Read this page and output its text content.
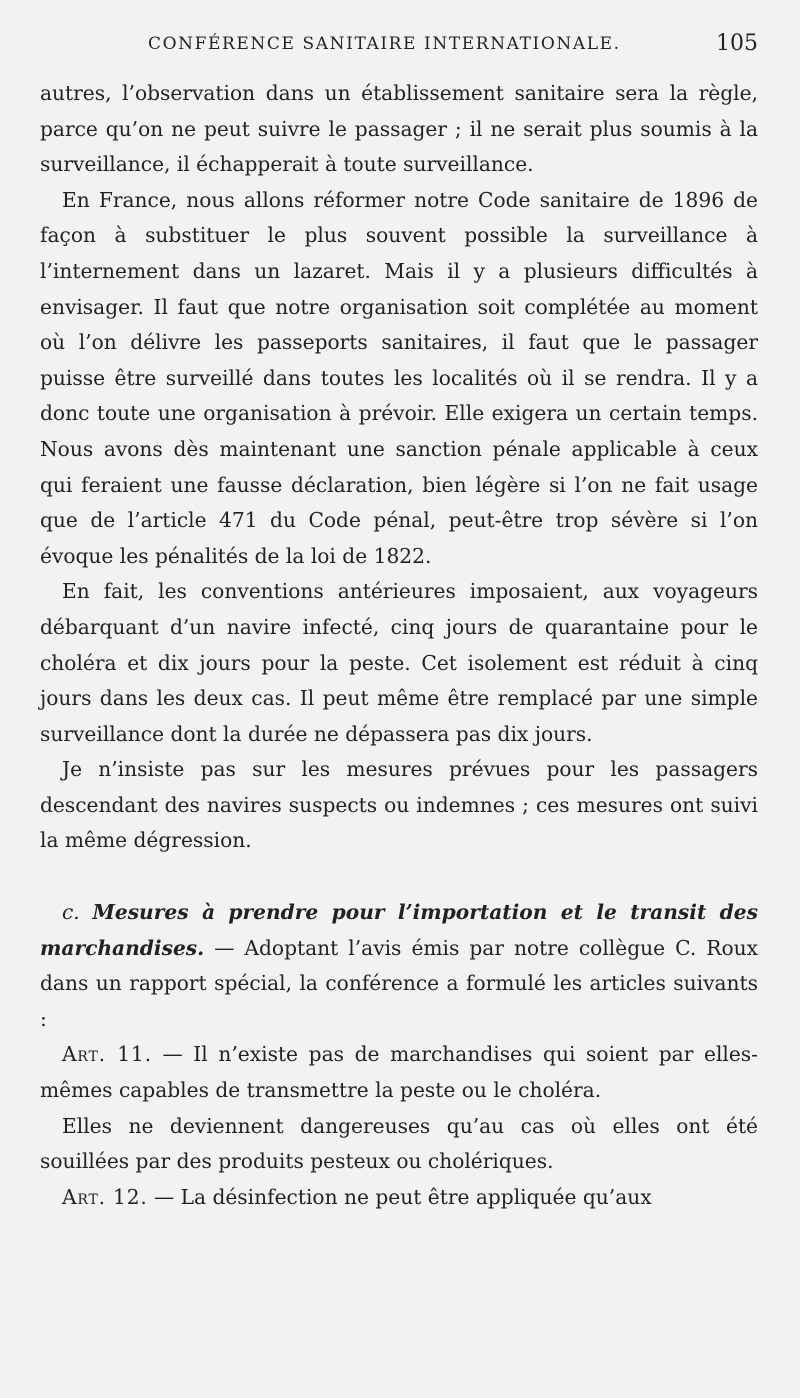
CONFÉRENCE SANITAIRE INTERNATIONALE.	105

autres, l’observation dans un établissement sanitaire sera la règle, parce qu’on ne peut suivre le passager ; il ne serait plus soumis à la surveillance, il échapperait à toute surveillance.

En France, nous allons réformer notre Code sanitaire de 1896 de façon à substituer le plus souvent possible la surveillance à l’internement dans un lazaret. Mais il y a plusieurs difficultés à envisager. Il faut que notre organisation soit complétée au moment où l’on délivre les passeports sanitaires, il faut que le passager puisse être surveillé dans toutes les localités où il se rendra. Il y a donc toute une organisation à prévoir. Elle exigera un certain temps. Nous avons dès maintenant une sanction pénale applicable à ceux qui feraient une fausse déclaration, bien légère si l’on ne fait usage que de l’article 471 du Code pénal, peut-être trop sévère si l’on évoque les pénalités de la loi de 1822.

En fait, les conventions antérieures imposaient, aux voyageurs débarquant d’un navire infecté, cinq jours de quarantaine pour le choléra et dix jours pour la peste. Cet isolement est réduit à cinq jours dans les deux cas. Il peut même être remplacé par une simple surveillance dont la durée ne dépassera pas dix jours.

Je n’insiste pas sur les mesures prévues pour les passagers descendant des navires suspects ou indemnes ; ces mesures ont suivi la même dégression.

c. Mesures à prendre pour l’importation et le transit des marchandises. — Adoptant l’avis émis par notre collègue C. Roux dans un rapport spécial, la conférence a formulé les articles suivants :

Art. 11. — Il n’existe pas de marchandises qui soient par elles-mêmes capables de transmettre la peste ou le choléra.

Elles ne deviennent dangereuses qu’au cas où elles ont été souillées par des produits pesteux ou cholériques.

Art. 12. — La désinfection ne peut être appliquée qu’aux
